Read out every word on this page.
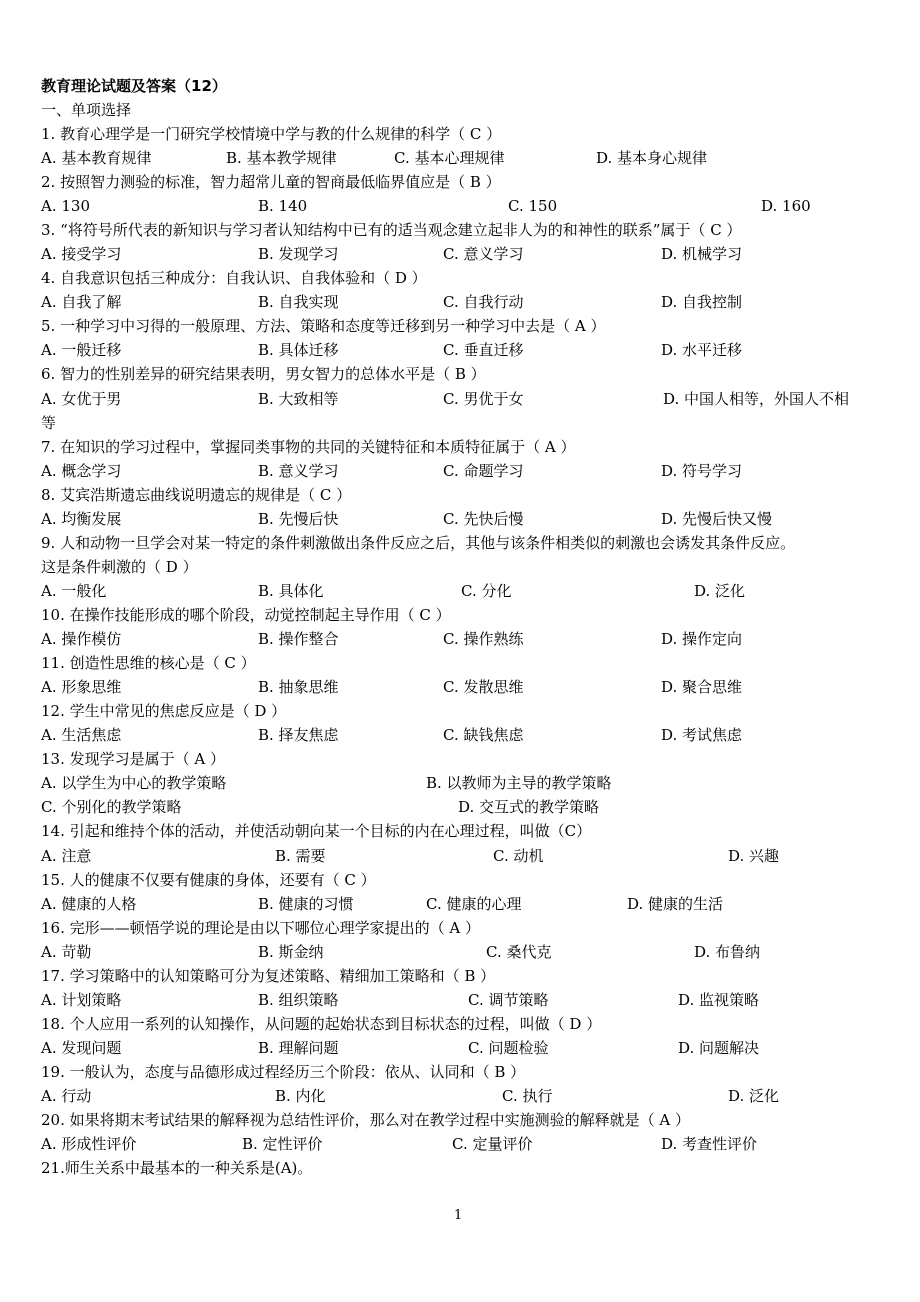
教育理论试题及答案（12）
一、单项选择
1. 教育心理学是一门研究学校情境中学与教的什么规律的科学（ C ）
A. 基本教育规律	B. 基本教学规律	C. 基本心理规律	D. 基本身心规律
2. 按照智力测验的标准，智力超常儿童的智商最低临界值应是（ B ）
A. 130	B. 140	C. 150	D. 160
3. “将符号所代表的新知识与学习者认知结构中已有的适当观念建立起非人为的和神性的联系”属于（ C ）
A. 接受学习	B. 发现学习	C. 意义学习	D. 机械学习
4. 自我意识包括三种成分：自我认识、自我体验和（ D ）
A. 自我了解	B. 自我实现	C. 自我行动	D. 自我控制
5. 一种学习中习得的一般原理、方法、策略和态度等迁移到另一种学习中去是（ A ）
A. 一般迁移	B. 具体迁移	C. 垂直迁移	D. 水平迁移
6. 智力的性别差异的研究结果表明，男女智力的总体水平是（ B ）
A. 女优于男	B. 大致相等	C. 男优于女	D. 中国人相等，外国人不相
等
7. 在知识的学习过程中，掌握同类事物的共同的关键特征和本质特征属于（ A ）
A. 概念学习	B. 意义学习	C. 命题学习	D. 符号学习
8. 艾宾浩斯遗忘曲线说明遗忘的规律是（ C ）
A. 均衡发展	B. 先慢后快	C. 先快后慢	D. 先慢后快又慢
9. 人和动物一旦学会对某一特定的条件刺激做出条件反应之后，其他与该条件相类似的刺激也会诱发其条件反应。
这是条件刺激的（ D ）
A. 一般化	B. 具体化	C. 分化	D. 泛化
10. 在操作技能形成的哪个阶段，动觉控制起主导作用（ C ）
A. 操作模仿	B. 操作整合	C. 操作熟练	D. 操作定向
11. 创造性思维的核心是（ C ）
A. 形象思维	B. 抽象思维	C. 发散思维	D. 聚合思维
12. 学生中常见的焦虑反应是（ D ）
A. 生活焦虑	B. 择友焦虑	C. 缺钱焦虑	D. 考试焦虑
13. 发现学习是属于（ A ）
A. 以学生为中心的教学策略	B. 以教师为主导的教学策略
C. 个别化的教学策略	D. 交互式的教学策略
14. 引起和维持个体的活动，并使活动朝向某一个目标的内在心理过程，叫做（C）
A. 注意	B. 需要	C. 动机	D. 兴趣
15. 人的健康不仅要有健康的身体，还要有（ C ）
A. 健康的人格	B. 健康的习惯	C. 健康的心理	D. 健康的生活
16. 完形——顿悟学说的理论是由以下哪位心理学家提出的（ A ）
A. 苛勒	B. 斯金纳	C. 桑代克	D. 布鲁纳
17. 学习策略中的认知策略可分为复述策略、精细加工策略和（ B ）
A. 计划策略	B. 组织策略	C. 调节策略	D. 监视策略
18. 个人应用一系列的认知操作，从问题的起始状态到目标状态的过程，叫做（ D ）
A. 发现问题	B. 理解问题	C. 问题检验	D. 问题解决
19. 一般认为，态度与品德形成过程经历三个阶段：依从、认同和（ B ）
A. 行动	B. 内化	C. 执行	D. 泛化
20. 如果将期末考试结果的解释视为总结性评价，那么对在教学过程中实施测验的解释就是（ A ）
A. 形成性评价	B. 定性评价	C. 定量评价	D. 考查性评价
21.师生关系中最基本的一种关系是(A)。
1
